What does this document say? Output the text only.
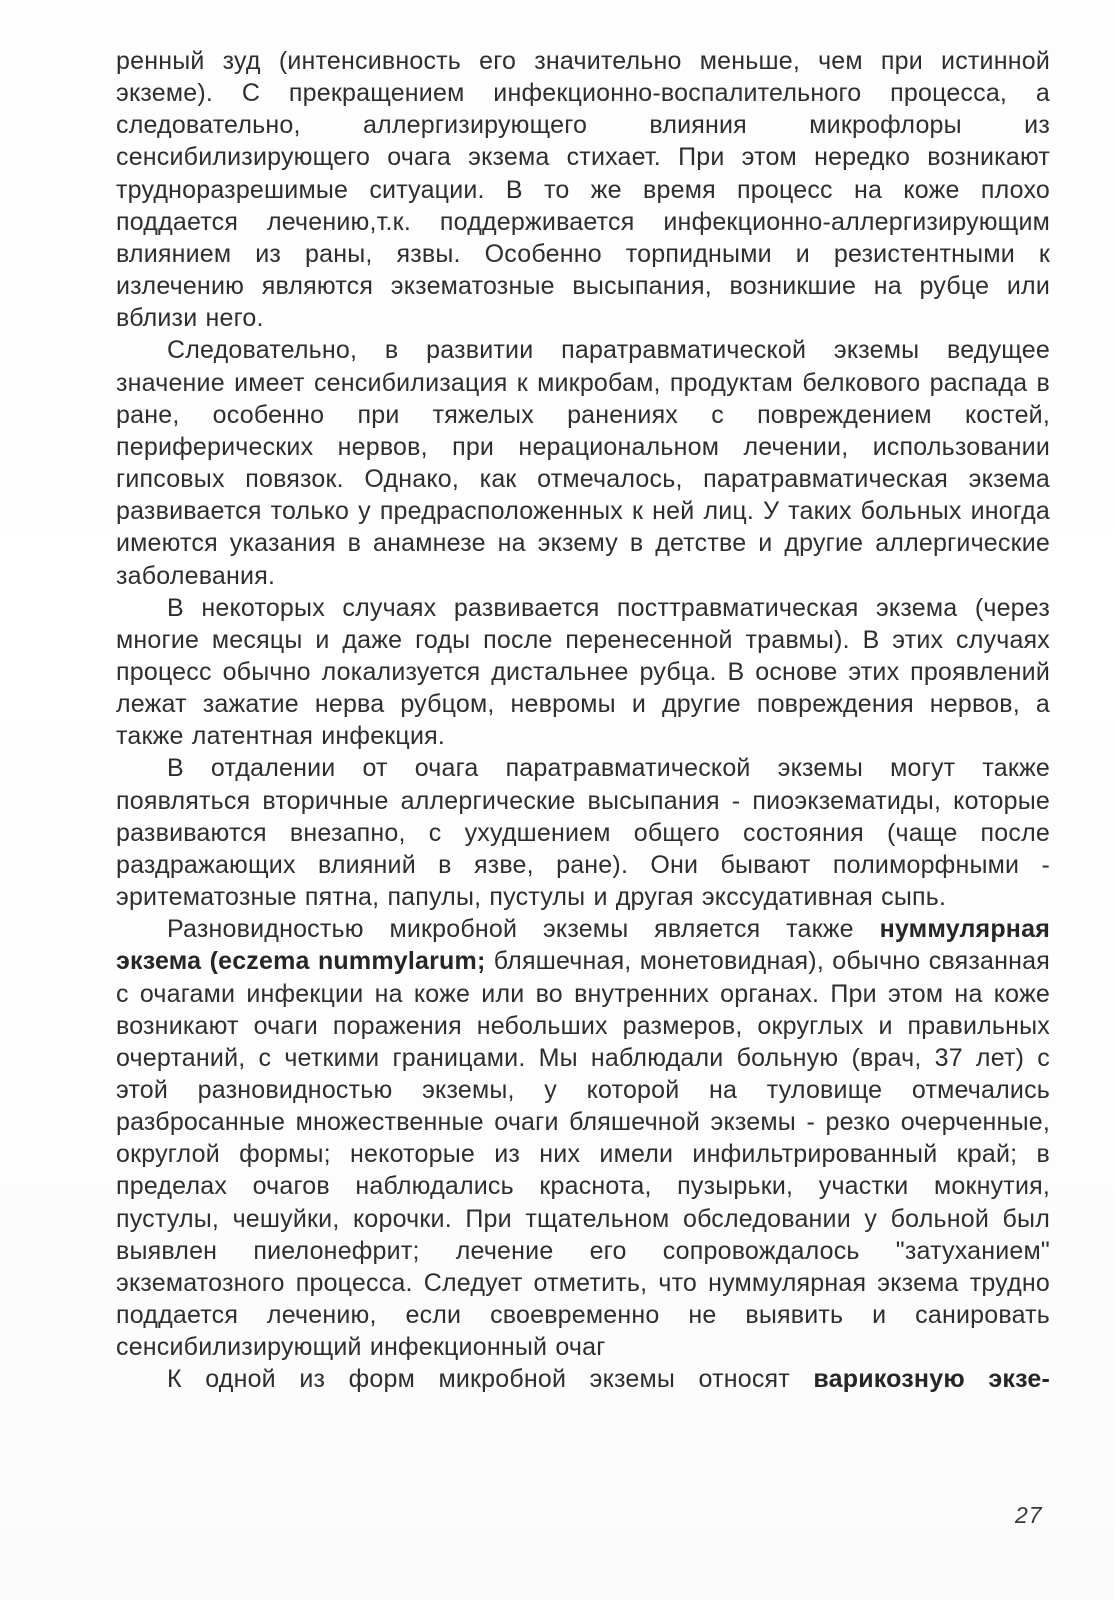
ренный зуд (интенсивность его значительно меньше, чем при истинной экземе). С прекращением инфекционно-воспалительного процесса, а следовательно, аллергизирующего влияния микрофлоры из сенсибилизирующего очага экзема стихает. При этом нередко возникают трудноразрешимые ситуации. В то же время процесс на коже плохо поддается лечению,т.к. поддерживается инфекционно-аллергизирующим влиянием из раны, язвы. Особенно торпидными и резистентными к излечению являются экзематозные высыпания, возникшие на рубце или вблизи него.

Следовательно, в развитии паратравматической экземы ведущее значение имеет сенсибилизация к микробам, продуктам белкового распада в ране, особенно при тяжелых ранениях с повреждением костей, периферических нервов, при нерациональном лечении, использовании гипсовых повязок. Однако, как отмечалось, паратравматическая экзема развивается только у предрасположенных к ней лиц. У таких больных иногда имеются указания в анамнезе на экзему в детстве и другие аллергические заболевания.

В некоторых случаях развивается посттравматическая экзема (через многие месяцы и даже годы после перенесенной травмы). В этих случаях процесс обычно локализуется дистальнее рубца. В основе этих проявлений лежат зажатие нерва рубцом, невромы и другие повреждения нервов, а также латентная инфекция.

В отдалении от очага паратравматической экземы могут также появляться вторичные аллергические высыпания - пиоэкзематиды, которые развиваются внезапно, с ухудшением общего состояния (чаще после раздражающих влияний в язве, ране). Они бывают полиморфными - эритематозные пятна, папулы, пустулы и другая экссудативная сыпь.

Разновидностью микробной экземы является также нуммулярная экзема (eczema nummylarum; бляшечная, монетовидная), обычно связанная с очагами инфекции на коже или во внутренних органах. При этом на коже возникают очаги поражения небольших размеров, округлых и правильных очертаний, с четкими границами. Мы наблюдали больную (врач, 37 лет) с этой разновидностью экземы, у которой на туловище отмечались разбросанные множественные очаги бляшечной экземы - резко очерченные, округлой формы; некоторые из них имели инфильтрированный край; в пределах очагов наблюдались краснота, пузырьки, участки мокнутия, пустулы, чешуйки, корочки. При тщательном обследовании у больной был выявлен пиелонефрит; лечение его сопровождалось "затуханием" экзематозного процесса. Следует отметить, что нуммулярная экзема трудно поддается лечению, если своевременно не выявить и санировать сенсибилизирующий инфекционный очаг

К одной из форм микробной экземы относят варикозную экзе-

27
